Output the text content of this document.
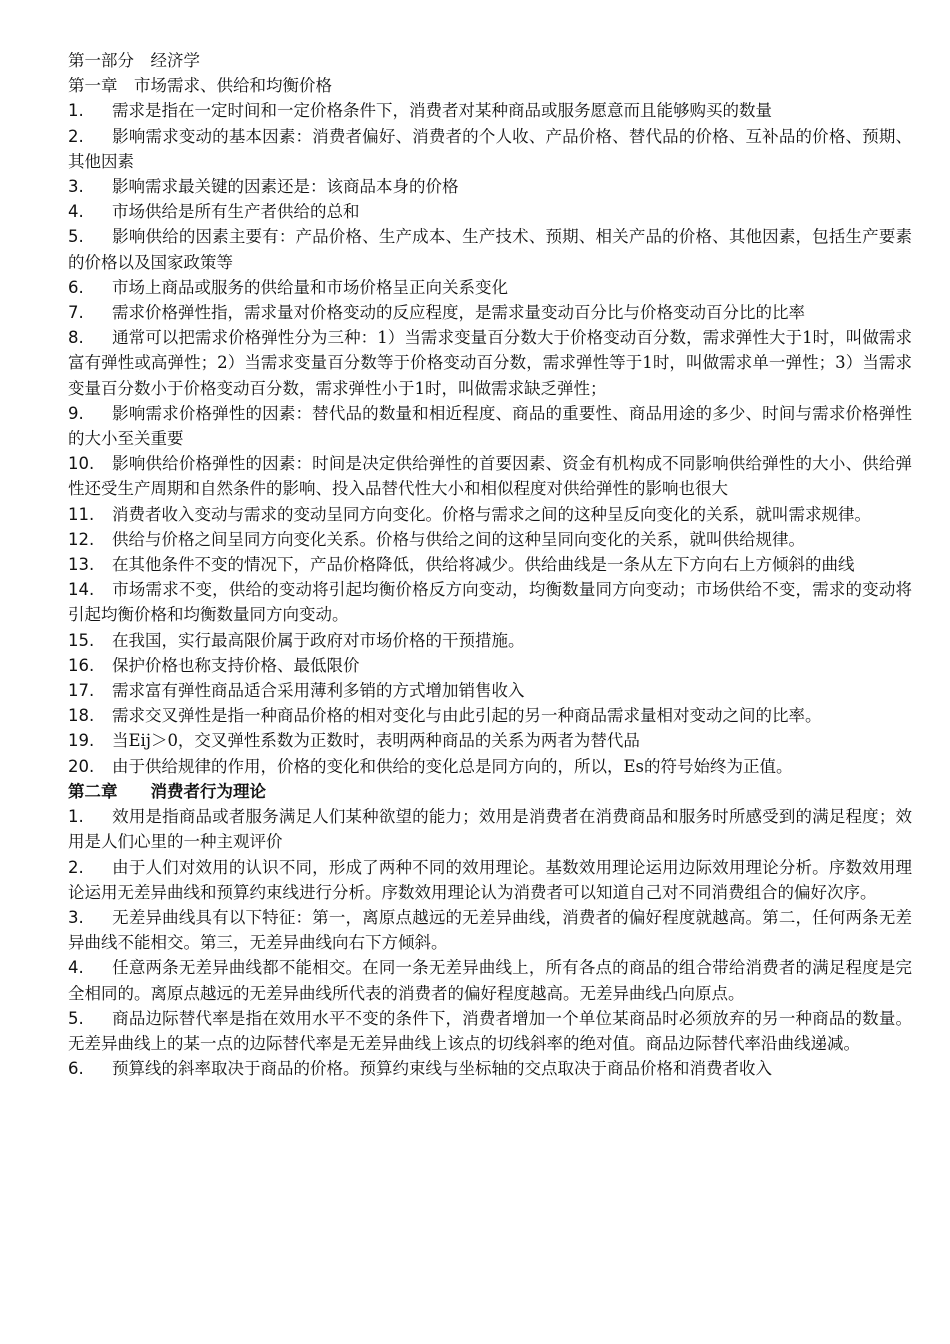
第一部分　经济学
第一章　市场需求、供给和均衡价格
1. 需求是指在一定时间和一定价格条件下，消费者对某种商品或服务愿意而且能够购买的数量
2. 影响需求变动的基本因素：消费者偏好、消费者的个人收、产品价格、替代品的价格、互补品的价格、预期、其他因素
3. 影响需求最关键的因素还是：该商品本身的价格
4. 市场供给是所有生产者供给的总和
5. 影响供给的因素主要有：产品价格、生产成本、生产技术、预期、相关产品的价格、其他因素，包括生产要素的价格以及国家政策等
6. 市场上商品或服务的供给量和市场价格呈正向关系变化
7. 需求价格弹性指，需求量对价格变动的反应程度，是需求量变动百分比与价格变动百分比的比率
8. 通常可以把需求价格弹性分为三种：1）当需求变量百分数大于价格变动百分数，需求弹性大于1时，叫做需求富有弹性或高弹性；2）当需求变量百分数等于价格变动百分数，需求弹性等于1时，叫做需求单一弹性；3）当需求变量百分数小于价格变动百分数，需求弹性小于1时，叫做需求缺乏弹性；
9. 影响需求价格弹性的因素：替代品的数量和相近程度、商品的重要性、商品用途的多少、时间与需求价格弹性的大小至关重要
10. 影响供给价格弹性的因素：时间是决定供给弹性的首要因素、资金有机构成不同影响供给弹性的大小、供给弹性还受生产周期和自然条件的影响、投入品替代性大小和相似程度对供给弹性的影响也很大
11. 消费者收入变动与需求的变动呈同方向变化。价格与需求之间的这种呈反向变化的关系，就叫需求规律。
12. 供给与价格之间呈同方向变化关系。价格与供给之间的这种呈同向变化的关系，就叫供给规律。
13. 在其他条件不变的情况下，产品价格降低，供给将减少。供给曲线是一条从左下方向右上方倾斜的曲线
14. 市场需求不变，供给的变动将引起均衡价格反方向变动，均衡数量同方向变动；市场供给不变，需求的变动将引起均衡价格和均衡数量同方向变动。
15. 在我国，实行最高限价属于政府对市场价格的干预措施。
16. 保护价格也称支持价格、最低限价
17. 需求富有弹性商品适合采用薄利多销的方式增加销售收入
18. 需求交叉弹性是指一种商品价格的相对变化与由此引起的另一种商品需求量相对变动之间的比率。
19. 当Eij＞0，交叉弹性系数为正数时，表明两种商品的关系为两者为替代品
20. 由于供给规律的作用，价格的变化和供给的变化总是同方向的，所以，Es的符号始终为正值。
第二章　　消费者行为理论
1. 效用是指商品或者服务满足人们某种欲望的能力；效用是消费者在消费商品和服务时所感受到的满足程度；效用是人们心里的一种主观评价
2. 由于人们对效用的认识不同，形成了两种不同的效用理论。基数效用理论运用边际效用理论分析。序数效用理论运用无差异曲线和预算约束线进行分析。序数效用理论认为消费者可以知道自己对不同消费组合的偏好次序。
3. 无差异曲线具有以下特征：第一，离原点越远的无差异曲线，消费者的偏好程度就越高。第二，任何两条无差异曲线不能相交。第三，无差异曲线向右下方倾斜。
4. 任意两条无差异曲线都不能相交。在同一条无差异曲线上，所有各点的商品的组合带给消费者的满足程度是完全相同的。离原点越远的无差异曲线所代表的消费者的偏好程度越高。无差异曲线凸向原点。
5. 商品边际替代率是指在效用水平不变的条件下，消费者增加一个单位某商品时必须放弃的另一种商品的数量。无差异曲线上的某一点的边际替代率是无差异曲线上该点的切线斜率的绝对值。商品边际替代率沿曲线递减。
6. 预算线的斜率取决于商品的价格。预算约束线与坐标轴的交点取决于商品价格和消费者收入
